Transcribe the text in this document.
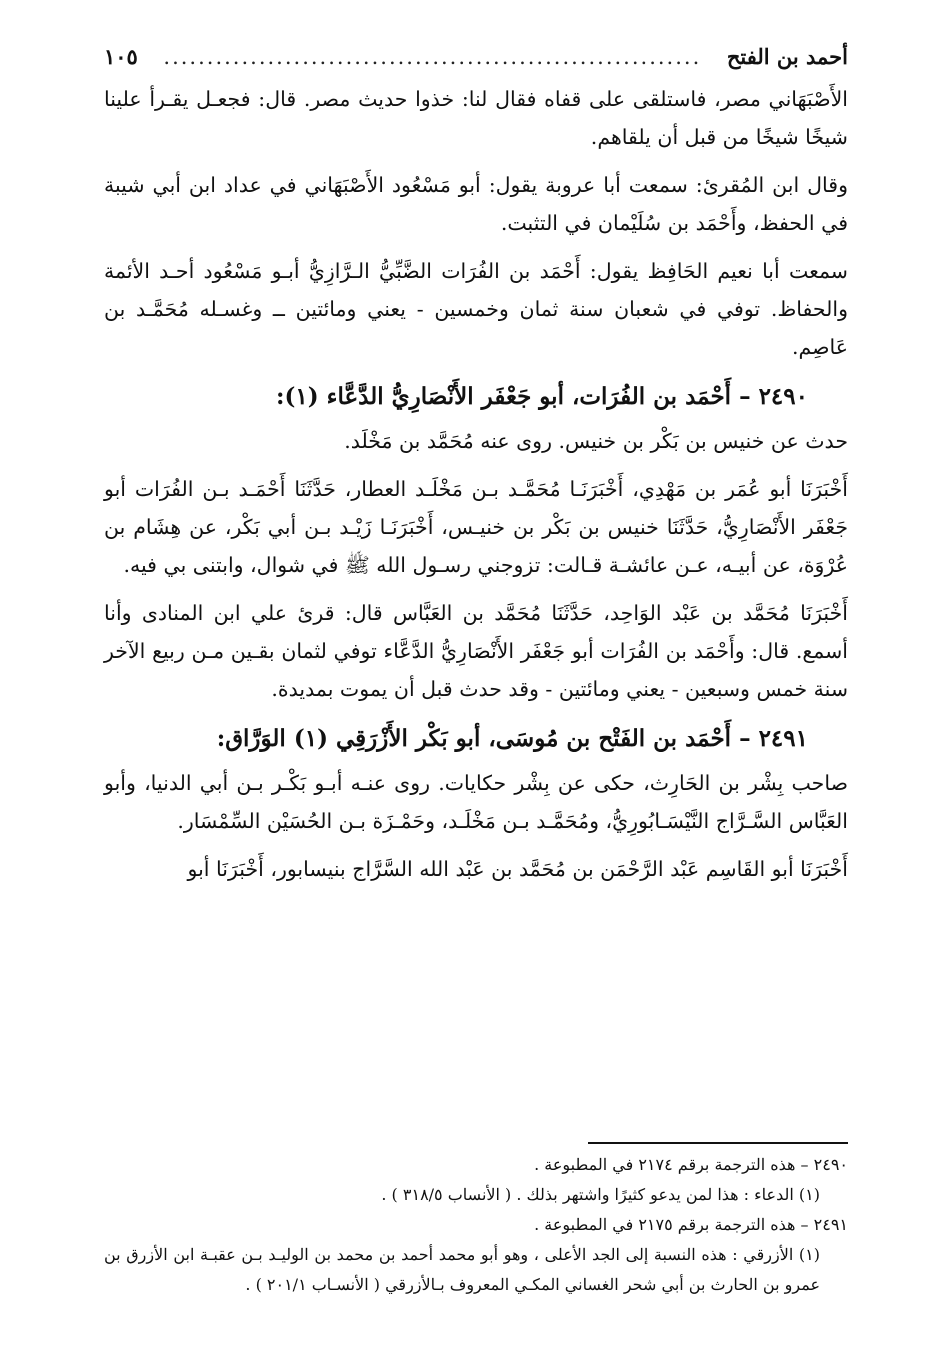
أحمد بن الفتح
..............................................................
١٠٥

الأَصْبَهَاني مصر، فاستلقى على قفاه فقال لنا: خذوا حديث مصر. قال: فجعـل يقـرأ علينا شيخًا شيخًا من قبل أن يلقاهم.

وقال ابن المُقرئ: سمعت أبا عروبة يقول: أبو مَسْعُود الأَصْبَهَاني في عداد ابن أبي شيبة في الحفظ، وأَحْمَد بن سُلَيْمان في التثبت.

سمعت أبا نعيم الحَافِظ يقول: أَحْمَد بن الفُرَات الضَّبِّيُّ الـرَّازِيُّ أبـو مَسْعُود أحـد الأئمة والحفاظ. توفي في شعبان سنة ثمان وخمسين - يعني ومائتين ــ وغسـله مُحَمَّـد بن عَاصِم.

٢٤٩٠ – أَحْمَد بن الفُرَات، أبو جَعْفَر الأَنْصَارِيُّ الدَّعَّاء (١):

حدث عن خنيس بن بَكْر بن خنيس. روى عنه مُحَمَّد بن مَخْلَد.

أَخْبَرَنَا أبو عُمَر بن مَهْدِي، أَخْبَرَنَـا مُحَمَّـد بـن مَخْلَـد العطار، حَدَّثَنَا أَحْمَـد بـن الفُرَات أبو جَعْفَر الأَنْصَارِيُّ، حَدَّثَنَا خنيس بن بَكْر بن خنيـس، أَخْبَرَنَـا زَيْـد بـن أبي بَكْر، عن هِشَام بن عُرْوَة، عن أبيـه، عـن عائشـة قـالت: تزوجني رسـول الله ﷺ في شوال، وابتنى بي فيه.

أَخْبَرَنَا مُحَمَّد بن عَبْد الوَاحِد، حَدَّثَنَا مُحَمَّد بن العَبَّاس قال: قرئ علي ابن المنادى وأنا أسمع. قال: وأَحْمَد بن الفُرَات أبو جَعْفَر الأَنْصَارِيُّ الدَّعَّاء توفي لثمان بقـين مـن ربيع الآخر سنة خمس وسبعين - يعني ومائتين - وقد حدث قبل أن يموت بمديدة.

٢٤٩١ – أَحْمَد بن الفَتْح بن مُوسَى، أبو بَكْر الأَزْرَقِي (١) الوَرَّاق:

صاحب بِشْر بن الحَارِث، حكى عن بِشْر حكايات. روى عنـه أبـو بَكْـر بـن أبي الدنيا، وأبو العَبَّاس السَّـرَّاج النَّيْسَـابُورِيُّ، ومُحَمَّـد بـن مَخْلَـد، وحَمْـزَة بـن الحُسَيْن السِّمْسَار.

أَخْبَرَنَا أبو القَاسِم عَبْد الرَّحْمَن بن مُحَمَّد بن عَبْد الله السَّرَّاج بنيسابور، أَخْبَرَنَا أبو

٢٤٩٠ – هذه الترجمة برقم ٢١٧٤ في المطبوعة .

(١) الدعاء : هذا لمن يدعو كثيرًا واشتهر بذلك . ( الأنساب ٣١٨/٥ ) .

٢٤٩١ – هذه الترجمة برقم ٢١٧٥ في المطبوعة .

(١) الأزرقي : هذه النسبة إلى الجد الأعلى ، وهو أبو محمد أحمد بن محمد بن الوليـد بـن عقبـة ابن الأزرق بن عمرو بن الحارث بن أبي شحر الغساني المكـي المعروف بـالأزرقي ( الأنسـاب ٢٠١/١ ) .
